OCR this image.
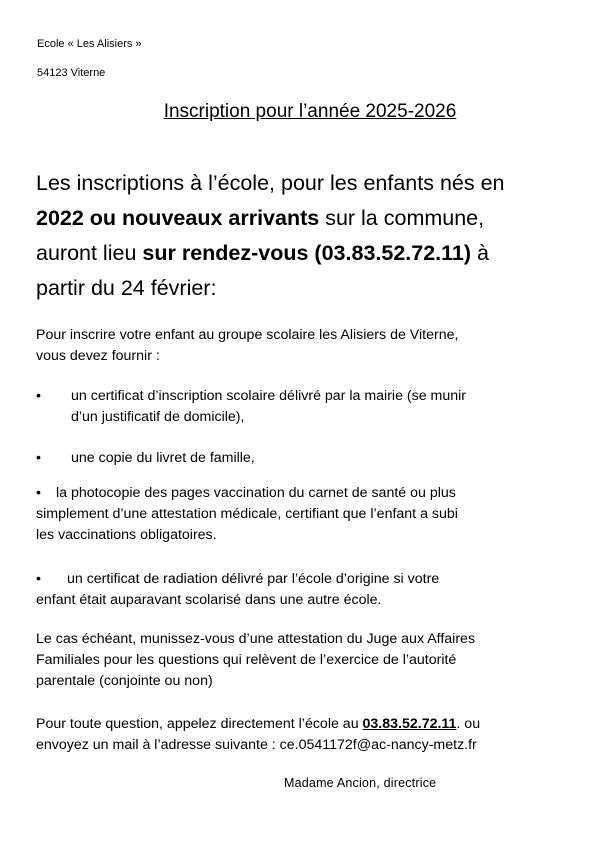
Ecole « Les Alisiers »
54123 Viterne
Inscription pour l’année 2025-2026
Les inscriptions à l’école, pour les enfants nés en
2022 ou nouveaux arrivants sur la commune,
auront lieu sur rendez-vous (03.83.52.72.11) à
partir du 24 février:
Pour inscrire votre enfant au groupe scolaire les Alisiers de Viterne,
vous devez fournir :
• un certificat d’inscription scolaire délivré par la mairie (se munir
d’un justificatif de domicile),
• une copie du livret de famille,
• la photocopie des pages vaccination du carnet de santé ou plus
simplement d’une attestation médicale, certifiant que l’enfant a subi
les vaccinations obligatoires.
• un certificat de radiation délivré par l’école d’origine si votre
enfant était auparavant scolarisé dans une autre école.
Le cas échéant, munissez-vous d’une attestation du Juge aux Affaires
Familiales pour les questions qui relèvent de l’exercice de l’autorité
parentale (conjointe ou non)
Pour toute question, appelez directement l’école au 03.83.52.72.11. ou
envoyez un mail à l’adresse suivante : ce.0541172f@ac-nancy-metz.fr
Madame Ancion, directrice
